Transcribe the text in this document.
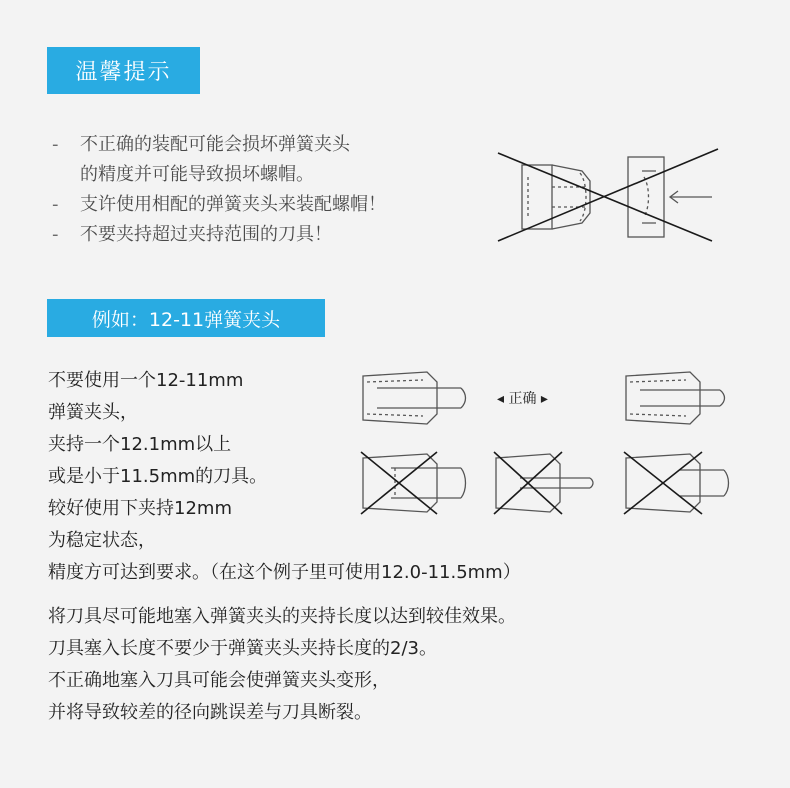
温馨提示
-	不正确的装配可能会损坏弹簧夹头
的精度并可能导致损坏螺帽。
-	支许使用相配的弹簧夹头来装配螺帽！
-	不要夹持超过夹持范围的刀具！
例如：12-11弹簧夹头
不要使用一个12-11mm
弹簧夹头，
夹持一个12.1mm以上
或是小于11.5mm的刀具。
较好使用下夹持12mm
为稳定状态，
精度方可达到要求。（在这个例子里可使用12.0-11.5mm）
◂ 正确 ▸
将刀具尽可能地塞入弹簧夹头的夹持长度以达到较佳效果。
刀具塞入长度不要少于弹簧夹头夹持长度的2/3。
不正确地塞入刀具可能会使弹簧夹头变形，
并将导致较差的径向跳误差与刀具断裂。
